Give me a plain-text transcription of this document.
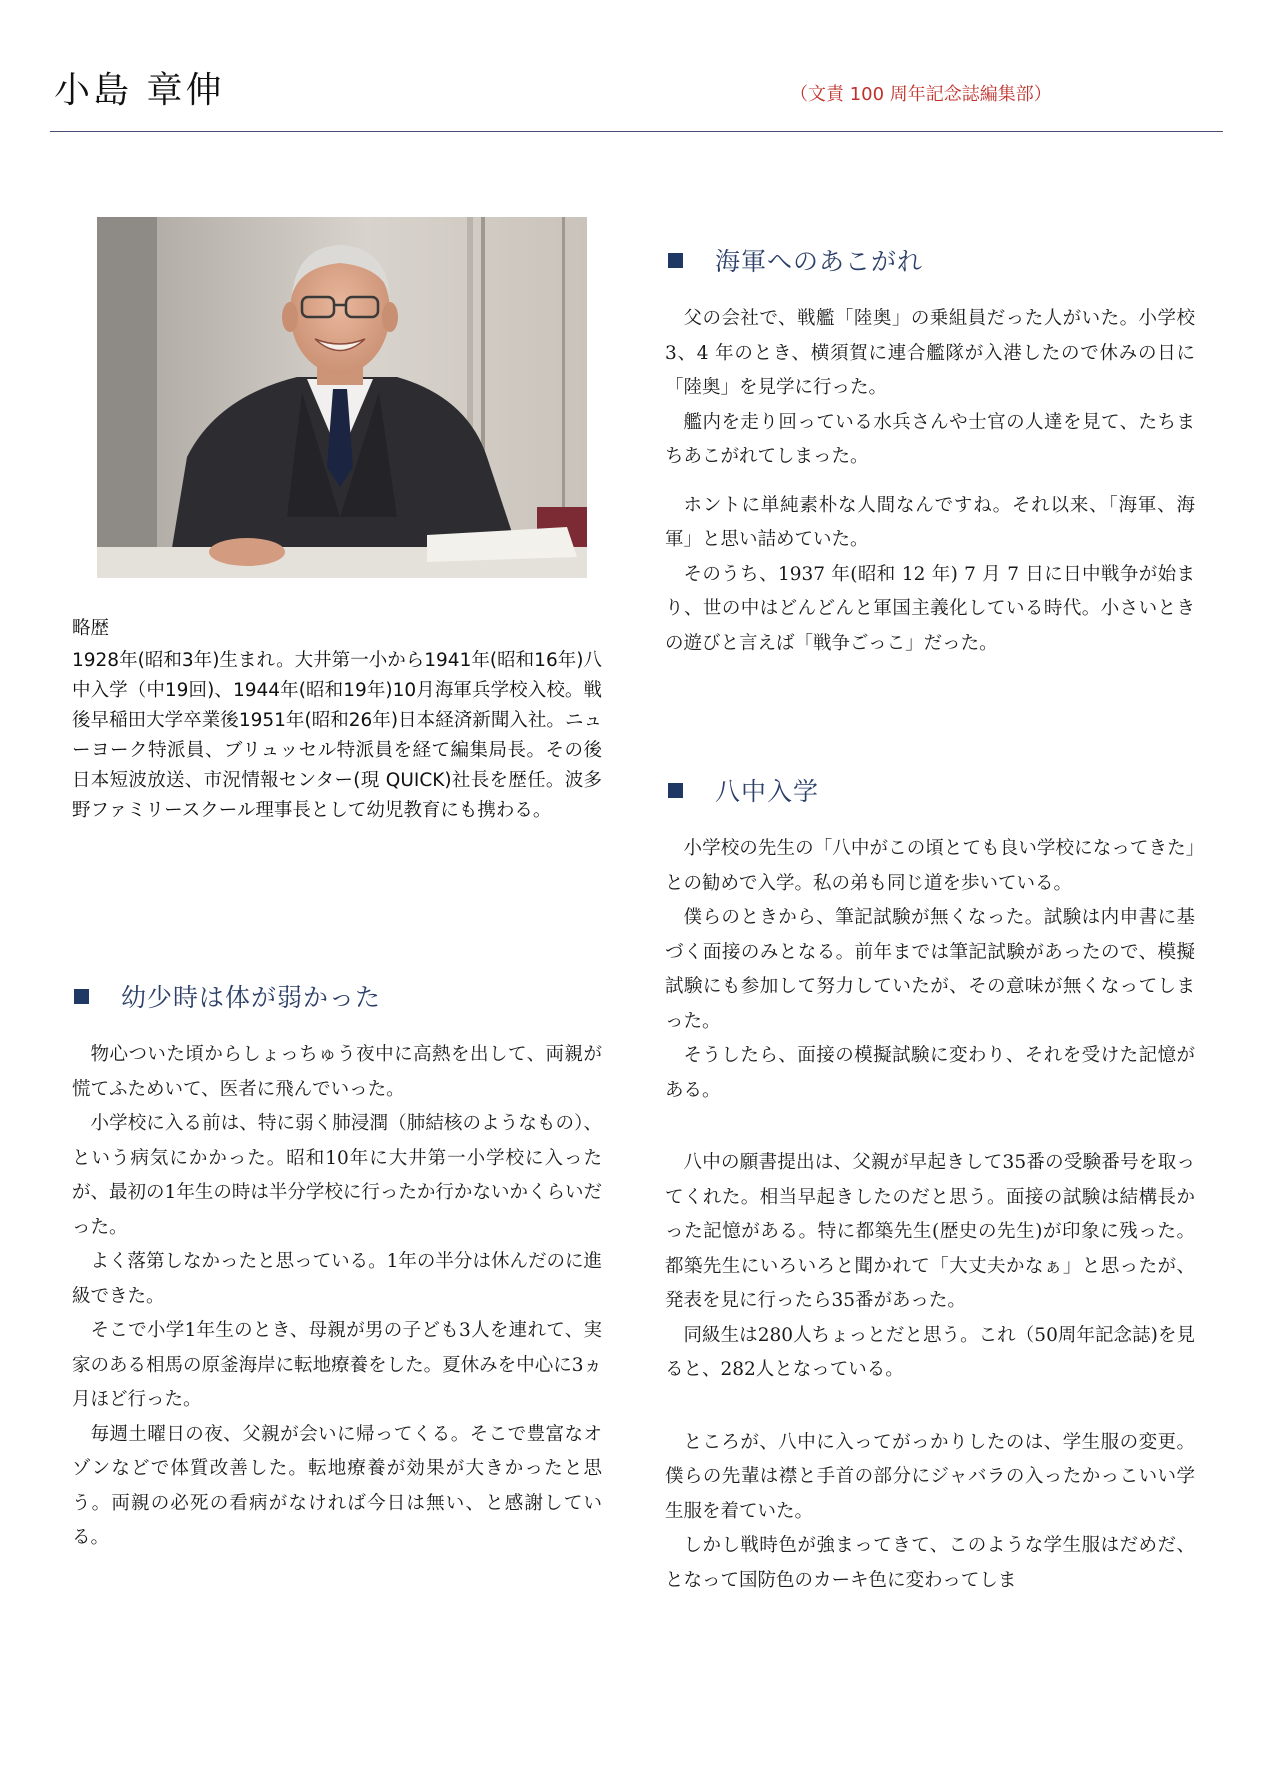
小島 章伸	（文責 100 周年記念誌編集部）

略歴

1928年(昭和3年)生まれ。大井第一小から1941年(昭和16年)八中入学（中19回)、1944年(昭和19年)10月海軍兵学校入校。戦後早稲田大学卒業後1951年(昭和26年)日本経済新聞入社。ニューヨーク特派員、ブリュッセル特派員を経て編集局長。その後日本短波放送、市況情報センター(現 QUICK)社長を歴任。波多野ファミリースクール理事長として幼児教育にも携わる。

幼少時は体が弱かった

物心ついた頃からしょっちゅう夜中に高熱を出して、両親が慌てふためいて、医者に飛んでいった。

小学校に入る前は、特に弱く肺浸潤（肺結核のようなもの）、という病気にかかった。昭和10年に大井第一小学校に入ったが、最初の1年生の時は半分学校に行ったか行かないかくらいだった。

よく落第しなかったと思っている。1年の半分は休んだのに進級できた。

そこで小学1年生のとき、母親が男の子ども3人を連れて、実家のある相馬の原釜海岸に転地療養をした。夏休みを中心に3ヵ月ほど行った。

毎週土曜日の夜、父親が会いに帰ってくる。そこで豊富なオゾンなどで体質改善した。転地療養が効果が大きかったと思う。両親の必死の看病がなければ今日は無い、と感謝している。

海軍へのあこがれ

父の会社で、戦艦「陸奥」の乗組員だった人がいた。小学校 3、4 年のとき、横須賀に連合艦隊が入港したので休みの日に「陸奥」を見学に行った。

艦内を走り回っている水兵さんや士官の人達を見て、たちまちあこがれてしまった。

ホントに単純素朴な人間なんですね。それ以来、「海軍、海軍」と思い詰めていた。

そのうち、1937 年(昭和 12 年) 7 月 7 日に日中戦争が始まり、世の中はどんどんと軍国主義化している時代。小さいときの遊びと言えば「戦争ごっこ」だった。

八中入学

小学校の先生の「八中がこの頃とても良い学校になってきた」との勧めで入学。私の弟も同じ道を歩いている。

僕らのときから、筆記試験が無くなった。試験は内申書に基づく面接のみとなる。前年までは筆記試験があったので、模擬試験にも参加して努力していたが、その意味が無くなってしまった。

そうしたら、面接の模擬試験に変わり、それを受けた記憶がある。

八中の願書提出は、父親が早起きして35番の受験番号を取ってくれた。相当早起きしたのだと思う。面接の試験は結構長かった記憶がある。特に都築先生(歴史の先生)が印象に残った。都築先生にいろいろと聞かれて「大丈夫かなぁ」と思ったが、発表を見に行ったら35番があった。

同級生は280人ちょっとだと思う。これ（50周年記念誌)を見ると、282人となっている。

ところが、八中に入ってがっかりしたのは、学生服の変更。僕らの先輩は襟と手首の部分にジャバラの入ったかっこいい学生服を着ていた。

しかし戦時色が強まってきて、このような学生服はだめだ、となって国防色のカーキ色に変わってしま
